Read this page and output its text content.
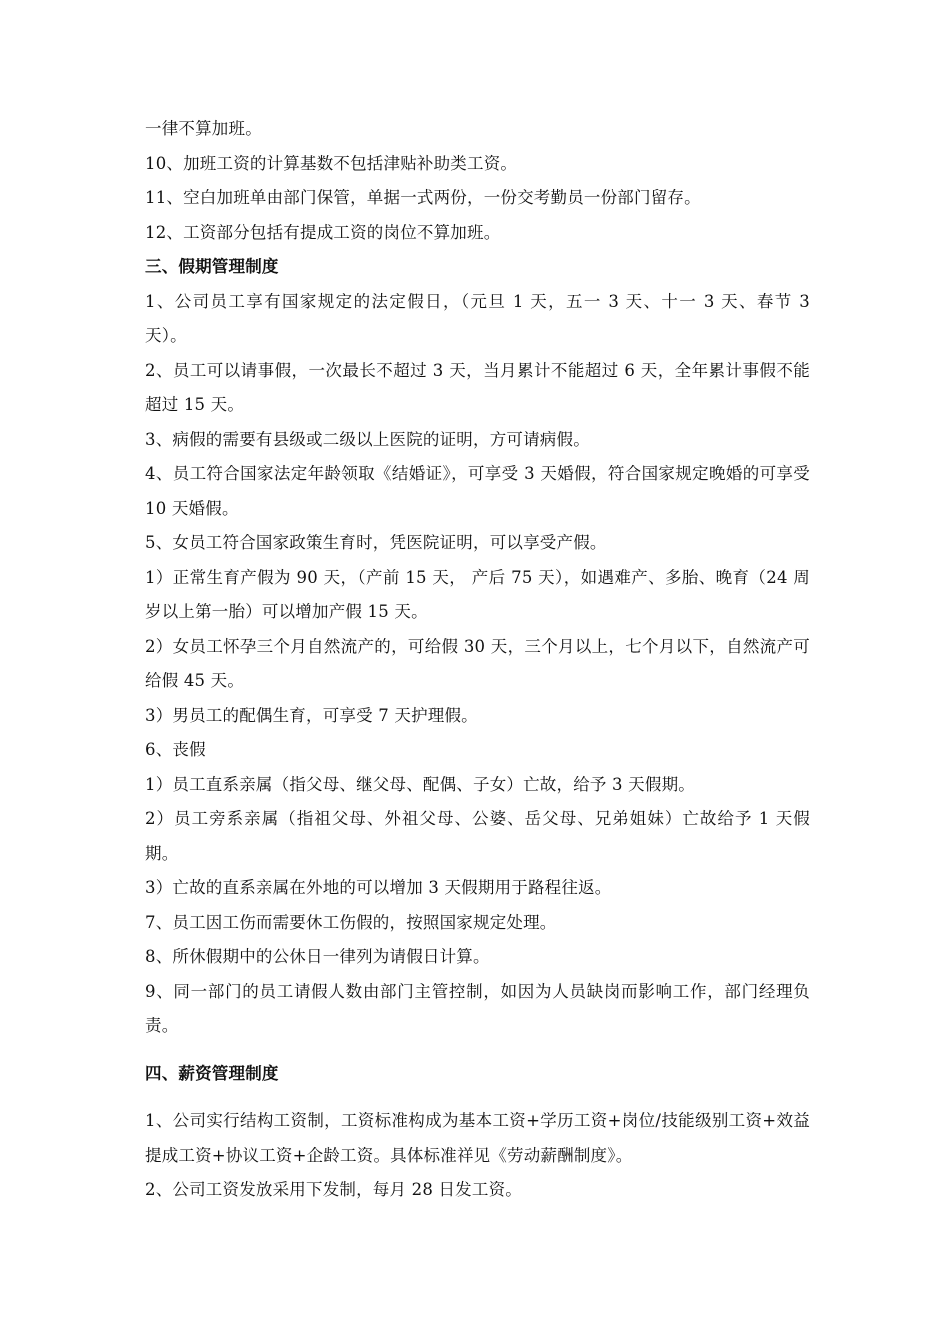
一律不算加班。

10、加班工资的计算基数不包括津贴补助类工资。

11、空白加班单由部门保管，单据一式两份，一份交考勤员一份部门留存。

12、工资部分包括有提成工资的岗位不算加班。

三、假期管理制度

1、公司员工享有国家规定的法定假日，（元旦 1 天，五一 3 天、十一 3 天、春节 3 天）。

2、员工可以请事假，一次最长不超过 3 天，当月累计不能超过 6 天，全年累计事假不能超过 15 天。

3、病假的需要有县级或二级以上医院的证明，方可请病假。

4、员工符合国家法定年龄领取《结婚证》，可享受 3 天婚假，符合国家规定晚婚的可享受 10 天婚假。

5、女员工符合国家政策生育时，凭医院证明，可以享受产假。

1）正常生育产假为 90 天，（产前 15 天， 产后 75 天），如遇难产、多胎、晚育（24 周岁以上第一胎）可以增加产假 15 天。

2）女员工怀孕三个月自然流产的，可给假 30 天，三个月以上，七个月以下，自然流产可给假 45 天。

3）男员工的配偶生育，可享受 7 天护理假。

6、丧假

1）员工直系亲属（指父母、继父母、配偶、子女）亡故，给予 3 天假期。

2）员工旁系亲属（指祖父母、外祖父母、公婆、岳父母、兄弟姐妹）亡故给予 1 天假期。

3）亡故的直系亲属在外地的可以增加 3 天假期用于路程往返。

7、员工因工伤而需要休工伤假的，按照国家规定处理。

8、所休假期中的公休日一律列为请假日计算。

9、同一部门的员工请假人数由部门主管控制，如因为人员缺岗而影响工作，部门经理负责。

四、薪资管理制度

1、公司实行结构工资制，工资标准构成为基本工资+学历工资+岗位/技能级别工资+效益提成工资+协议工资+企龄工资。具体标准祥见《劳动薪酬制度》。

2、公司工资发放采用下发制，每月 28 日发工资。
